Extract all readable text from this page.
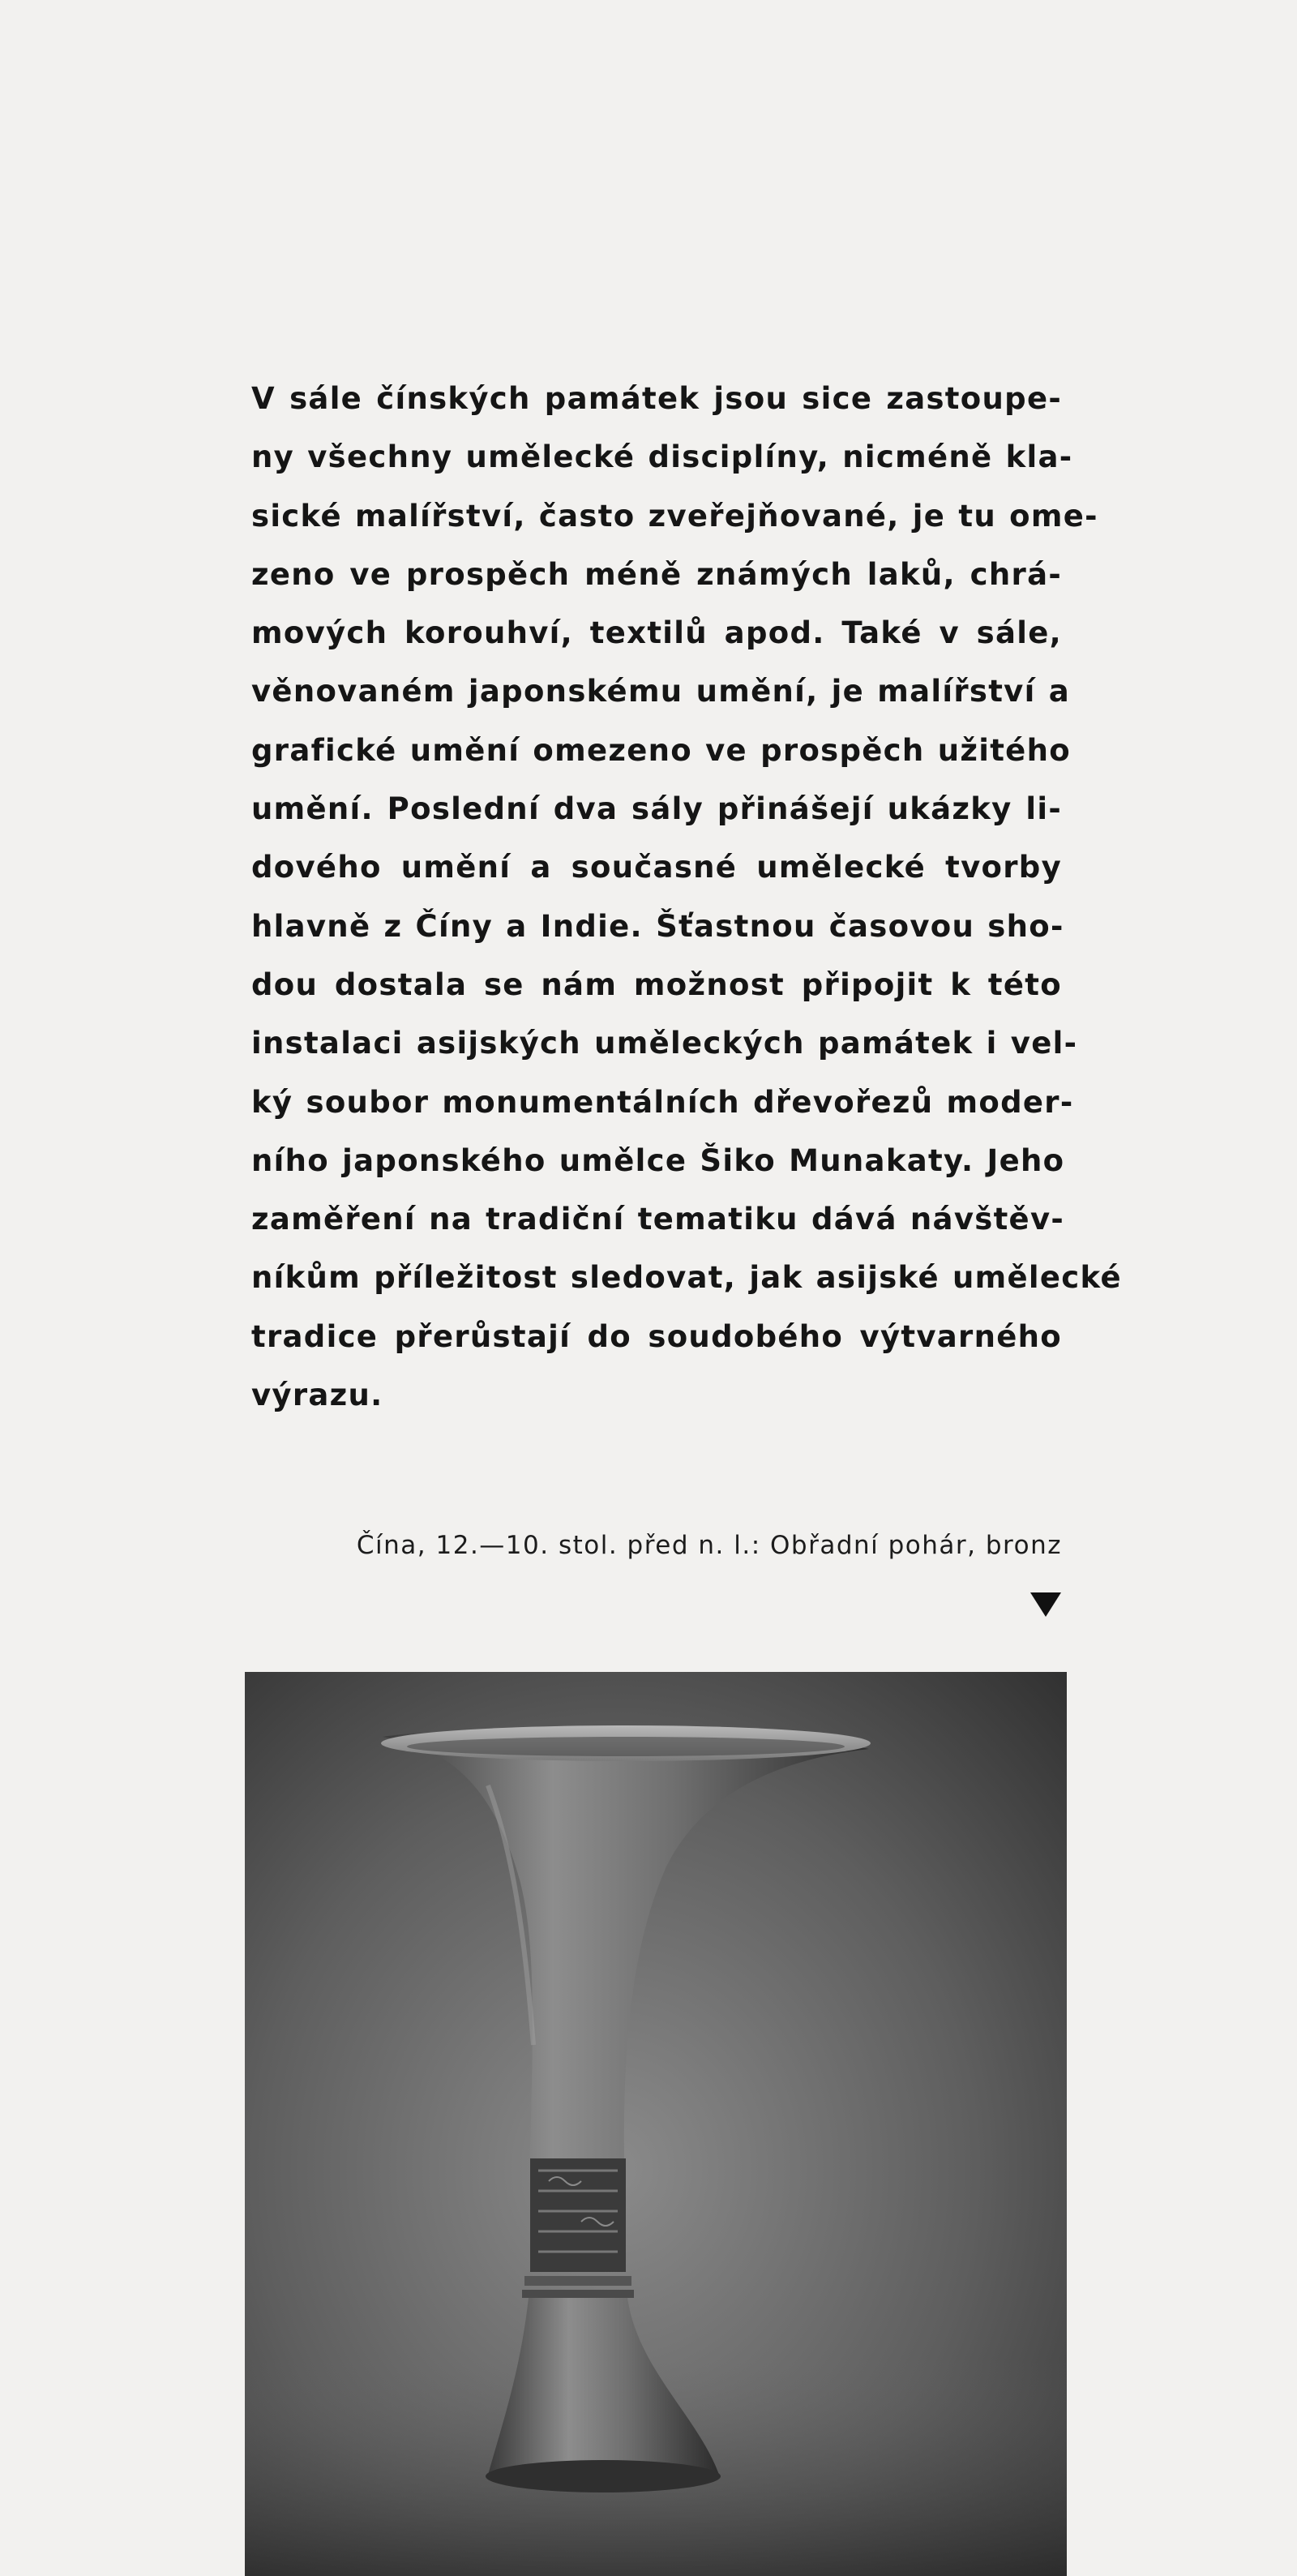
V sále čínských památek jsou sice zastoupe-
ny všechny umělecké disciplíny, nicméně kla-
sické malířství, často zveřejňované, je tu ome-
zeno ve prospěch méně známých laků, chrá-
mových korouhví, textilů apod. Také v sále,
věnovaném japonskému umění, je malířství a
grafické umění omezeno ve prospěch užitého
umění. Poslední dva sály přinášejí ukázky li-
dového umění a současné umělecké tvorby
hlavně z Číny a Indie. Šťastnou časovou sho-
dou dostala se nám možnost připojit k této
instalaci asijských uměleckých památek i vel-
ký soubor monumentálních dřevořezů moder-
ního japonského umělce Šiko Munakaty. Jeho
zaměření na tradiční tematiku dává návštěv-
níkům příležitost sledovat, jak asijské umělecké
tradice přerůstají do soudobého výtvarného
výrazu.
Čína, 12.—10. stol. před n. l.: Obřadní pohár, bronz
